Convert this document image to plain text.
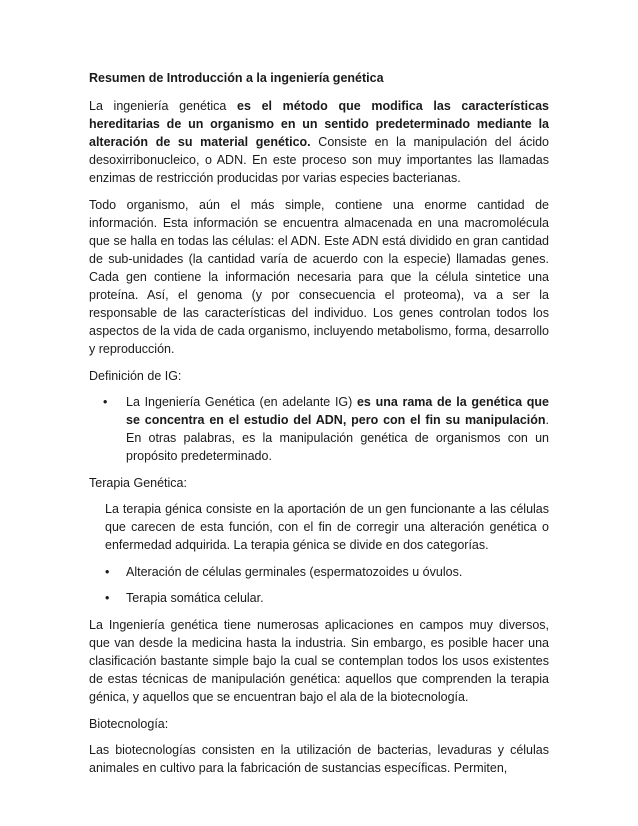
Resumen de Introducción a la ingeniería genética

La ingeniería genética es el método que modifica las características hereditarias de un organismo en un sentido predeterminado mediante la alteración de su material genético. Consiste en la manipulación del ácido desoxirribonucleico, o ADN. En este proceso son muy importantes las llamadas enzimas de restricción producidas por varias especies bacterianas.

Todo organismo, aún el más simple, contiene una enorme cantidad de información. Esta información se encuentra almacenada en una macromolécula que se halla en todas las células: el ADN. Este ADN está dividido en gran cantidad de sub-unidades (la cantidad varía de acuerdo con la especie) llamadas genes. Cada gen contiene la información necesaria para que la célula sintetice una proteína. Así, el genoma (y por consecuencia el proteoma), va a ser la responsable de las características del individuo. Los genes controlan todos los aspectos de la vida de cada organismo, incluyendo metabolismo, forma, desarrollo y reproducción.

Definición de IG:
• La Ingeniería Genética (en adelante IG) es una rama de la genética que se concentra en el estudio del ADN, pero con el fin su manipulación. En otras palabras, es la manipulación genética de organismos con un propósito predeterminado.
Terapia Genética:

La terapia génica consiste en la aportación de un gen funcionante a las células que carecen de esta función, con el fin de corregir una alteración genética o enfermedad adquirida. La terapia génica se divide en dos categorías.

• Alteración de células germinales (espermatozoides u óvulos.
• Terapia somática celular.

La Ingeniería genética tiene numerosas aplicaciones en campos muy diversos, que van desde la medicina hasta la industria. Sin embargo, es posible hacer una clasificación bastante simple bajo la cual se contemplan todos los usos existentes de estas técnicas de manipulación genética: aquellos que comprenden la terapia génica, y aquellos que se encuentran bajo el ala de la biotecnología.

Biotecnología:

Las biotecnologías consisten en la utilización de bacterias, levaduras y células animales en cultivo para la fabricación de sustancias específicas. Permiten,
